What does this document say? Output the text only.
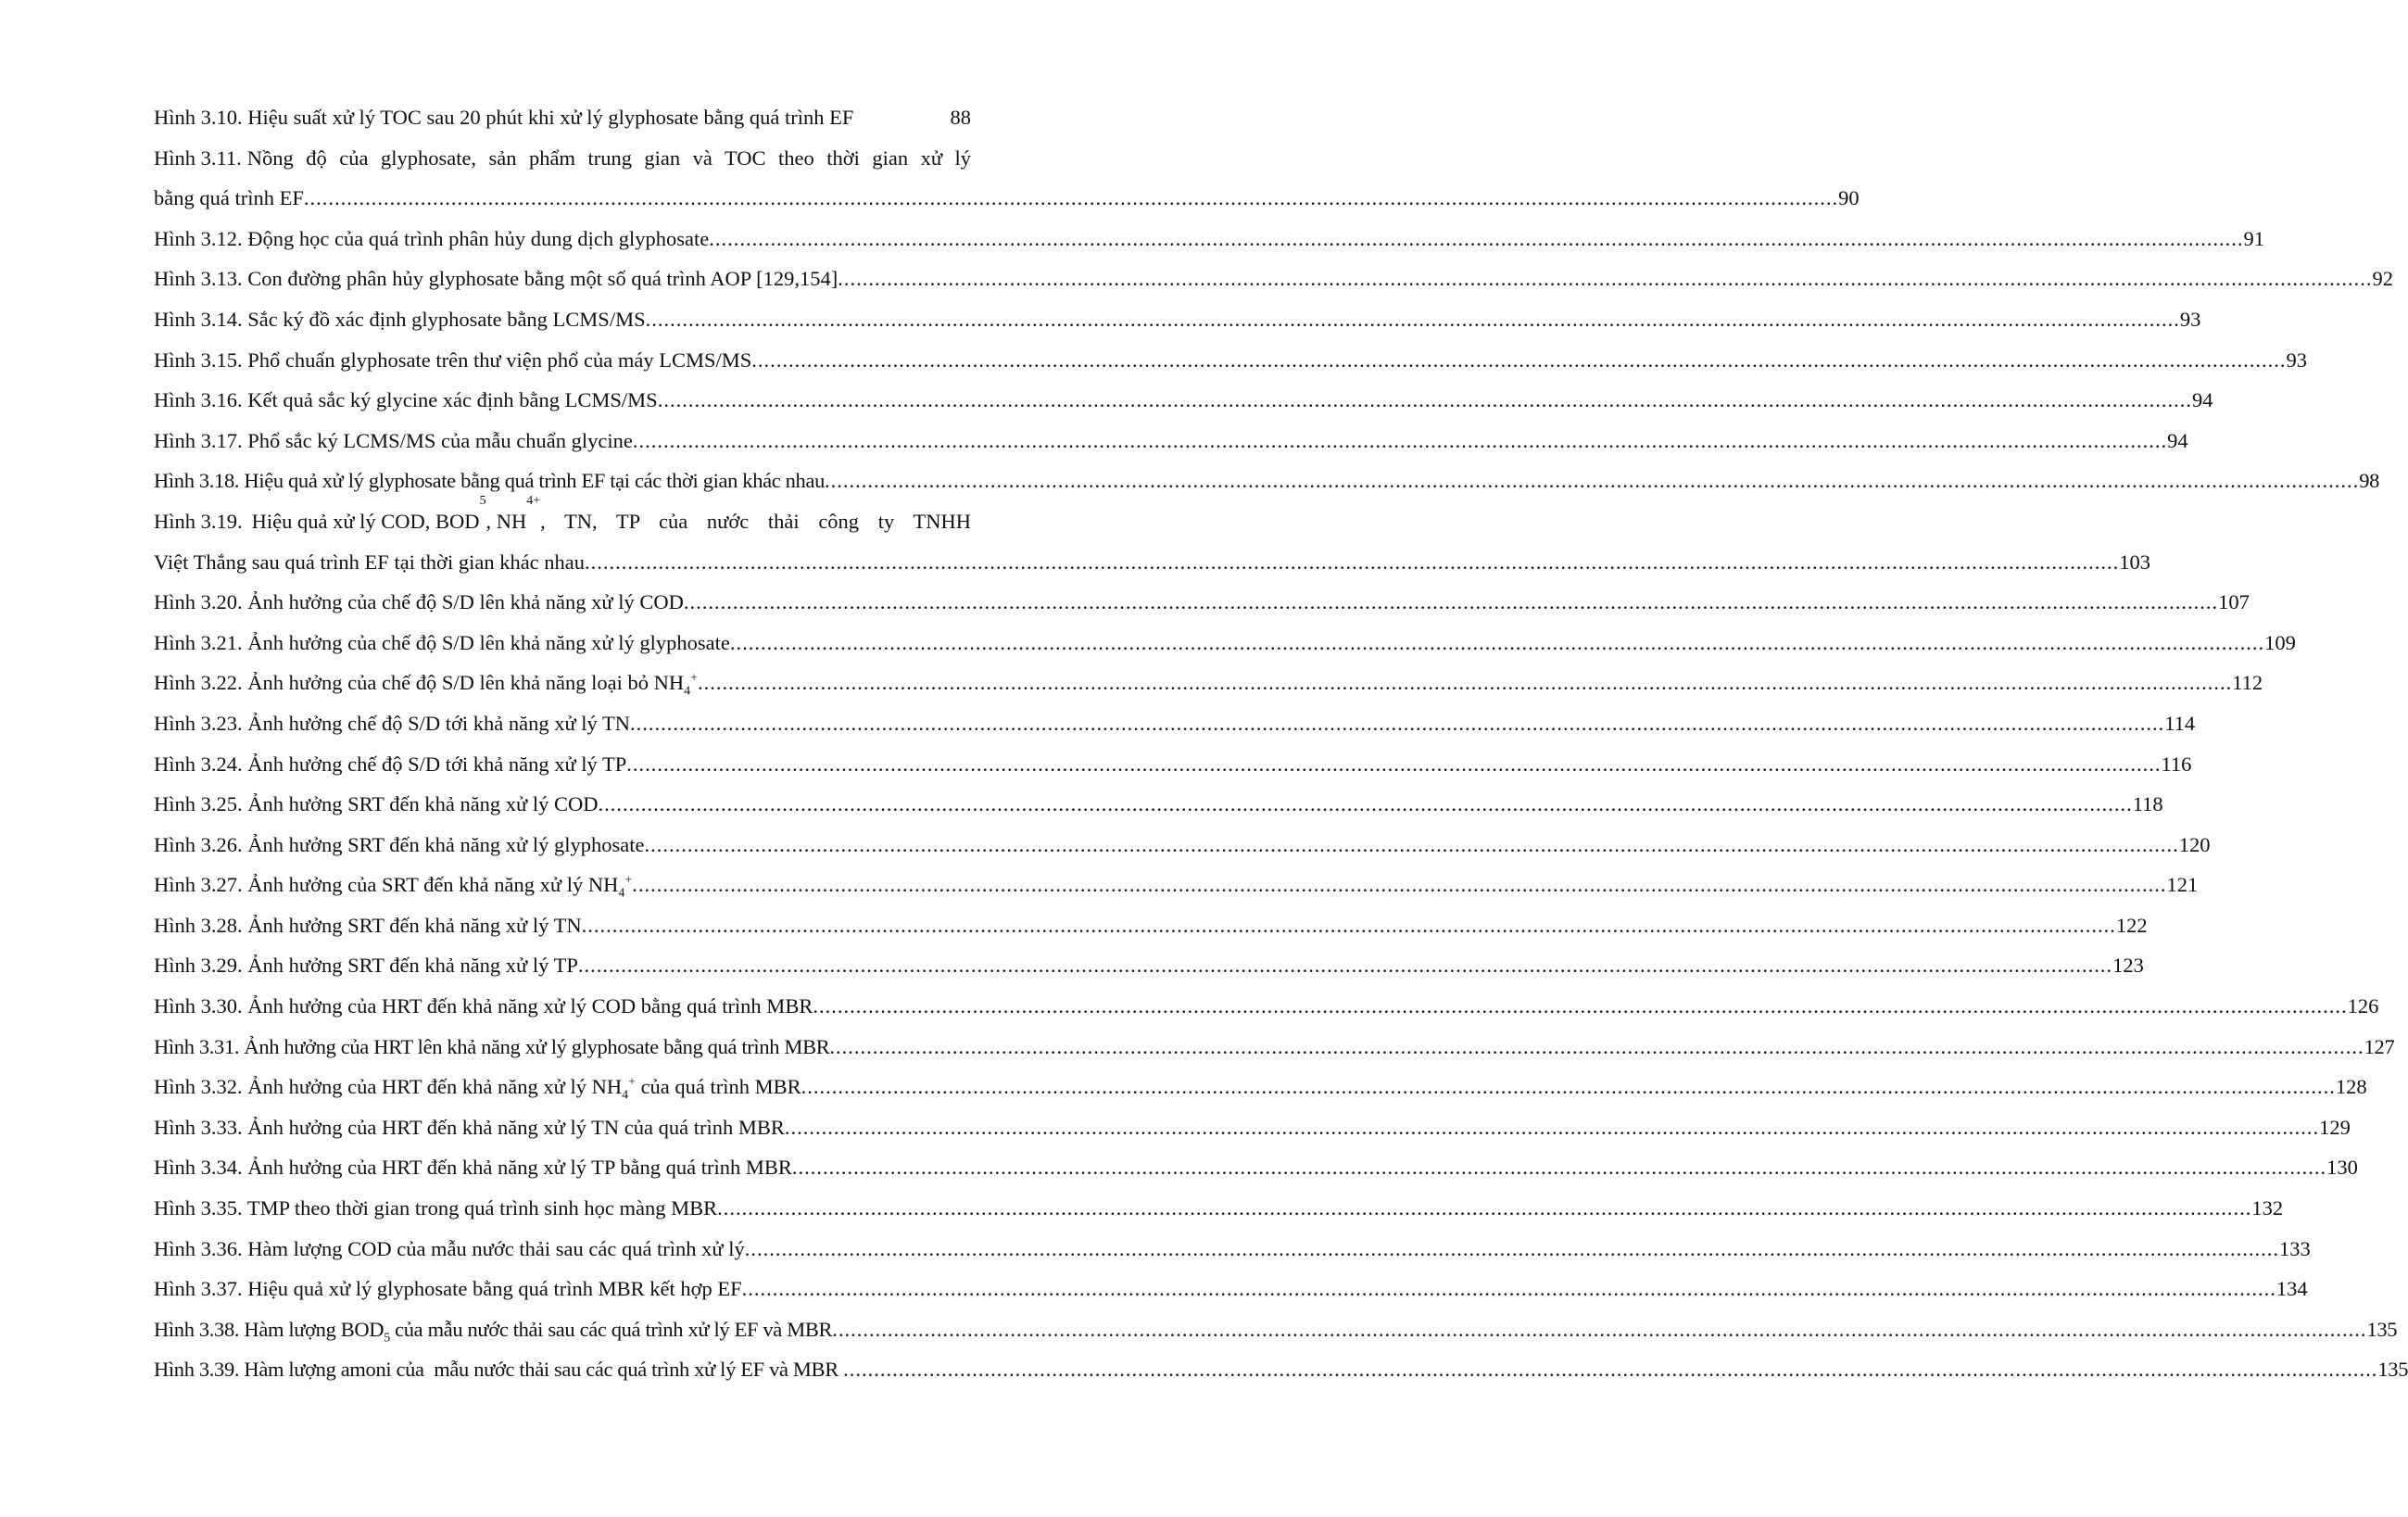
Hình 3.10. Hiệu suất xử lý TOC sau 20 phút khi xử lý glyphosate bằng quá trình EF	88
Hình 3.11. Nồng độ của glyphosate, sản phẩm trung gian và TOC theo thời gian xử lý
bằng quá trình EF .....	90
Hình 3.12. Động học của quá trình phân hủy dung dịch glyphosate .....	91
Hình 3.13. Con đường phân hủy glyphosate bằng một số quá trình AOP [129,154] .....	92
Hình 3.14. Sắc ký đồ xác định glyphosate bằng LCMS/MS .....	93
Hình 3.15. Phổ chuẩn glyphosate trên thư viện phổ của máy LCMS/MS .....	93
Hình 3.16. Kết quả sắc ký glycine xác định bằng LCMS/MS .....	94
Hình 3.17. Phổ sắc ký LCMS/MS của mẫu chuẩn glycine .....	94
Hình 3.18. Hiệu quả xử lý glyphosate bằng quá trình EF tại các thời gian khác nhau .....	98
Hình 3.19. Hiệu quả xử lý COD, BOD
5
, NH
4 +
, TN, TP của nước thải công ty TNHH
Việt Thắng sau quá trình EF tại thời gian khác nhau .....	103
Hình 3.20. Ảnh hưởng của chế độ S/D lên khả năng xử lý COD .....	107
Hình 3.21. Ảnh hưởng của chế độ S/D lên khả năng xử lý glyphosate .....	109
Hình 3.22. Ảnh hưởng của chế độ S/D lên khả năng loại bỏ $NH_4^+$ .....	112
Hình 3.23. Ảnh hưởng chế độ S/D tới khả năng xử lý TN .....	114
Hình 3.24. Ảnh hưởng chế độ S/D tới khả năng xử lý TP .....	116
Hình 3.25. Ảnh hưởng SRT đến khả năng xử lý COD .....	118
Hình 3.26. Ảnh hưởng SRT đến khả năng xử lý glyphosate .....	120
Hình 3.27. Ảnh hưởng của SRT đến khả năng xử lý $NH_4^+$ .....	121
Hình 3.28. Ảnh hưởng SRT đến khả năng xử lý TN .....	122
Hình 3.29. Ảnh hưởng SRT đến khả năng xử lý TP .....	123
Hình 3.30. Ảnh hưởng của HRT đến khả năng xử lý COD bằng quá trình MBR .....	126
Hình 3.31. Ảnh hưởng của HRT lên khả năng xử lý glyphosate bằng quá trình MBR .....	127
Hình 3.32. Ảnh hưởng của HRT đến khả năng xử lý $NH_4^+$ của quá trình MBR .....	128
Hình 3.33. Ảnh hưởng của HRT đến khả năng xử lý TN của quá trình MBR .....	129
Hình 3.34. Ảnh hưởng của HRT đến khả năng xử lý TP bằng quá trình MBR .....	130
Hình 3.35. TMP theo thời gian trong quá trình sinh học màng MBR .....	132
Hình 3.36. Hàm lượng COD của mẫu nước thải sau các quá trình xử lý .....	133
Hình 3.37. Hiệu quả xử lý glyphosate bằng quá trình MBR kết hợp EF .....	134
Hình 3.38. Hàm lượng $BOD_5$ của mẫu nước thải sau các quá trình xử lý EF và MBR .....	135
Hình 3.39. Hàm lượng amoni của  mẫu nước thải sau các quá trình xử lý EF và MBR .....	135
